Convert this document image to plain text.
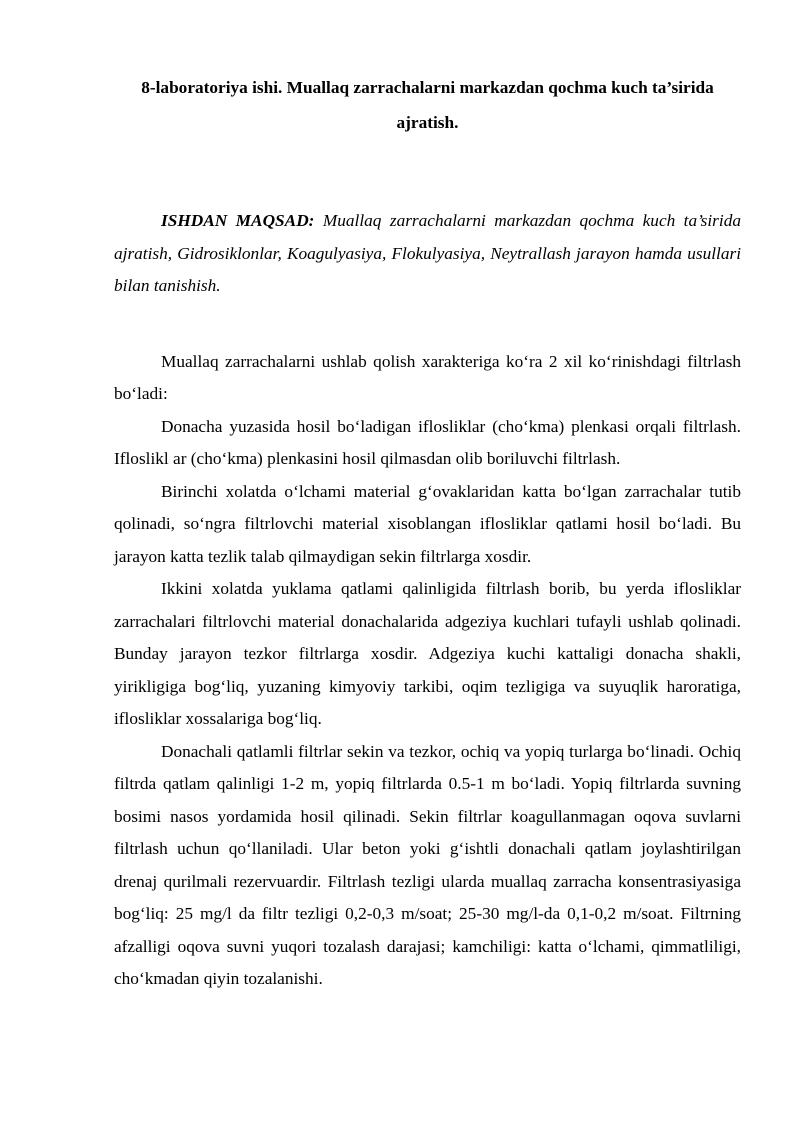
8-laboratoriya ishi. Muallaq zarrachalarni markazdan qochma kuch ta’sirida ajratish.

ISHDAN MAQSAD: Muallaq zarrachalarni markazdan qochma kuch ta’sirida ajratish, Gidrosiklonlar, Koagulyasiya, Flokulyasiya, Neytrallash jarayon hamda usullari bilan tanishish.

Muallaq zarrachalarni ushlab qolish xarakteriga ko‘ra 2 xil ko‘rinishdagi filtrlash bo‘ladi:

Donacha yuzasida hosil bo‘ladigan iflosliklar (cho‘kma) plenkasi orqali filtrlash. Ifloslikl ar (cho‘kma) plenkasini hosil qilmasdan olib boriluvchi filtrlash.

Birinchi xolatda o‘lchami material g‘ovaklaridan katta bo‘lgan zarrachalar tutib qolinadi, so‘ngra filtrlovchi material xisoblangan iflosliklar qatlami hosil bo‘ladi. Bu jarayon katta tezlik talab qilmaydigan sekin filtrlarga xosdir.

Ikkini xolatda yuklama qatlami qalinligida filtrlash borib, bu yerda iflosliklar zarrachalari filtrlovchi material donachalarida adgeziya kuchlari tufayli ushlab qolinadi. Bunday jarayon tezkor filtrlarga xosdir. Adgeziya kuchi kattaligi donacha shakli, yirikligiga bog‘liq, yuzaning kimyoviy tarkibi, oqim tezligiga va suyuqlik haroratiga, iflosliklar xossalariga bog‘liq.

Donachali qatlamli filtrlar sekin va tezkor, ochiq va yopiq turlarga bo‘linadi. Ochiq filtrda qatlam qalinligi 1-2 m, yopiq filtrlarda 0.5-1 m bo‘ladi. Yopiq filtrlarda suvning bosimi nasos yordamida hosil qilinadi. Sekin filtrlar koagullanmagan oqova suvlarni filtrlash uchun qo‘llaniladi. Ular beton yoki g‘ishtli donachali qatlam joylashtirilgan drenaj qurilmali rezervuardir. Filtrlash tezligi ularda muallaq zarracha konsentrasiyasiga bog‘liq: 25 mg/l da filtr tezligi 0,2-0,3 m/soat; 25-30 mg/l-da 0,1-0,2 m/soat. Filtrning afzalligi oqova suvni yuqori tozalash darajasi; kamchiligi: katta o‘lchami, qimmatliligi, cho‘kmadan qiyin tozalanishi.
